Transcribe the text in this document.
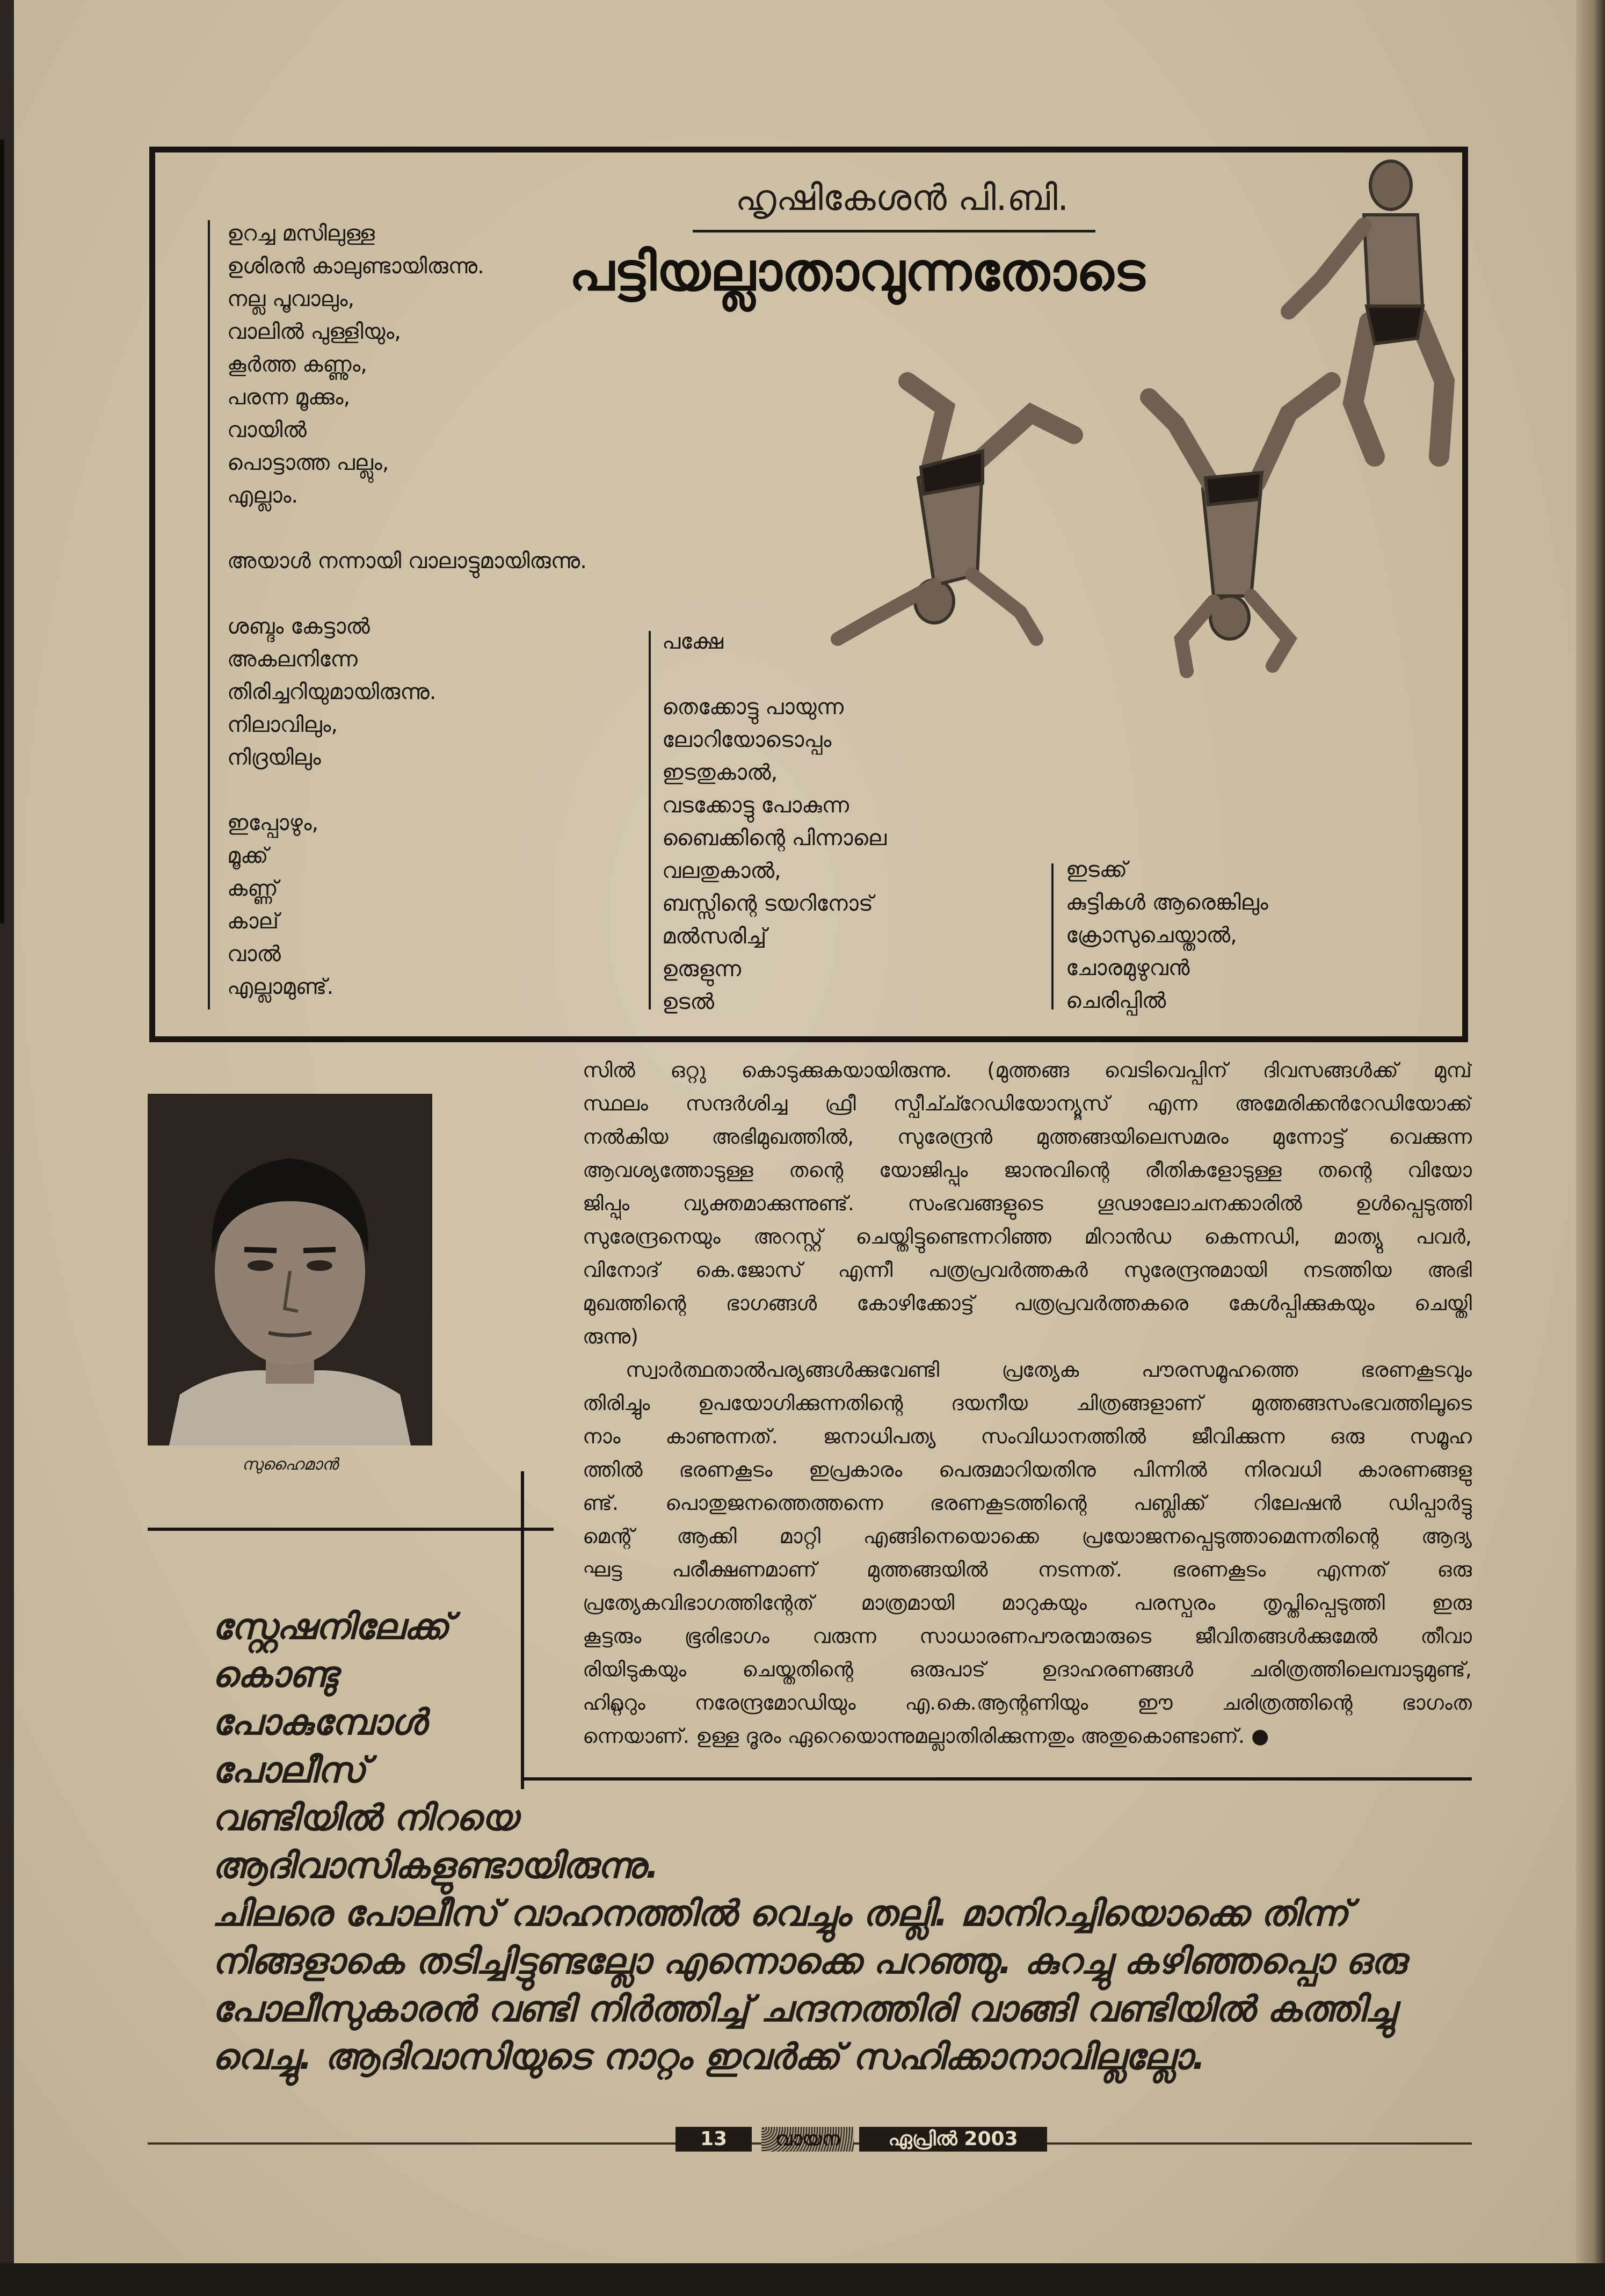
ഹൃഷികേശൻ പി.ബി.
പട്ടിയല്ലാതാവുന്നതോടെ
ഉറച്ച മസിലുള്ള
ഉശിരൻ കാലുണ്ടായിരുന്നു.
നല്ല പൂവാലും,
വാലിൽ പുള്ളിയും,
കൂർത്ത കണ്ണും,
പരന്ന മൂക്കും,
വായിൽ
പൊട്ടാത്ത പല്ലും,
എല്ലാം.
അയാൾ നന്നായി വാലാട്ടുമായിരുന്നു.
ശബ്ദം കേട്ടാൽ
അകലനിന്നേ
തിരിച്ചറിയുമായിരുന്നു.
നിലാവിലും,
നിദ്രയിലും
ഇപ്പോഴും,
മൂക്ക്
കണ്ണ്
കാല്
വാൽ
എല്ലാമുണ്ട്.
പക്ഷേ
തെക്കോട്ടു പായുന്ന
ലോറിയോടൊപ്പം
ഇടതുകാൽ,
വടക്കോട്ടു പോകുന്ന
ബൈക്കിന്റെ പിന്നാലെ
വലതുകാൽ,
ബസ്സിന്റെ ടയറിനോട്
മൽസരിച്ച്
ഉരുളുന്ന
ഉടൽ
ഇടക്ക്
കുട്ടികൾ ആരെങ്കിലും
ക്രോസുചെയ്താൽ,
ചോരമുഴുവൻ
ചെരിപ്പിൽ
സുഹൈമാൻ
സിൽ ഒറ്റു കൊടുക്കുകയായിരുന്നു. (മുത്തങ്ങ വെടിവെപ്പിന് ദിവസങ്ങൾക്ക് മുമ്പ്
സ്ഥലം സന്ദർശിച്ച ഫ്രീ സ്പീച്ച്റേഡിയോന്യൂസ് എന്ന അമേരിക്കൻറേഡിയോക്ക്
നൽകിയ അഭിമുഖത്തിൽ, സുരേന്ദ്രൻ മുത്തങ്ങയിലെസമരം മുന്നോട്ട് വെക്കുന്ന
ആവശ്യത്തോടുള്ള തന്റെ യോജിപ്പും ജാനുവിന്റെ രീതികളോടുള്ള തന്റെ വിയോ
ജിപ്പും വ്യക്തമാക്കുന്നുണ്ട്. സംഭവങ്ങളുടെ ഗൂഢാലോചനക്കാരിൽ ഉൾപ്പെടുത്തി
സുരേന്ദ്രനെയും അറസ്റ്റ് ചെയ്തിട്ടുണ്ടെന്നറിഞ്ഞ മിറാൻഡ കെന്നഡി, മാത്യു പവർ,
വിനോദ് കെ.ജോസ് എന്നീ പത്രപ്രവർത്തകർ സുരേന്ദ്രനുമായി നടത്തിയ അഭി
മുഖത്തിന്റെ ഭാഗങ്ങൾ കോഴിക്കോട്ട് പത്രപ്രവർത്തകരെ കേൾപ്പിക്കുകയും ചെയ്തി
രുന്നു)
സ്വാർത്ഥതാൽപര്യങ്ങൾക്കുവേണ്ടി പ്രത്യേക പൗരസമൂഹത്തെ ഭരണകൂടവും
തിരിച്ചും ഉപയോഗിക്കുന്നതിന്റെ ദയനീയ ചിത്രങ്ങളാണ് മുത്തങ്ങസംഭവത്തിലൂടെ
നാം കാണുന്നത്. ജനാധിപത്യ സംവിധാനത്തിൽ ജീവിക്കുന്ന ഒരു സമൂഹ
ത്തിൽ ഭരണകൂടം ഇപ്രകാരം പെരുമാറിയതിനു പിന്നിൽ നിരവധി കാരണങ്ങളു
ണ്ട്. പൊതുജനത്തെത്തന്നെ ഭരണകൂടത്തിന്റെ പബ്ലിക്ക് റിലേഷൻ ഡിപ്പാർട്ടു
മെന്റ് ആക്കി മാറ്റി എങ്ങിനെയൊക്കെ പ്രയോജനപ്പെടുത്താമെന്നതിന്റെ ആദ്യ
ഘട്ട പരീക്ഷണമാണ് മുത്തങ്ങയിൽ നടന്നത്. ഭരണകൂടം എന്നത് ഒരു
പ്രത്യേകവിഭാഗത്തിന്റേത് മാത്രമായി മാറുകയും പരസ്പരം തൃപ്തിപ്പെടുത്തി ഇരു
കൂട്ടരും ഭൂരിഭാഗം വരുന്ന സാധാരണപൗരന്മാരുടെ ജീവിതങ്ങൾക്കുമേൽ തീവാ
രിയിടുകയും ചെയ്തതിന്റെ ഒരുപാട് ഉദാഹരണങ്ങൾ ചരിത്രത്തിലെമ്പാടുമുണ്ട്,
ഹിറ്റ്ലറും നരേന്ദ്രമോഡിയും എ.കെ.ആന്റണിയും ഈ ചരിത്രത്തിന്റെ ഭാഗംത
ന്നെയാണ്. ഉള്ള ദൂരം ഏറെയൊന്നുമല്ലാതിരിക്കുന്നതും അതുകൊണ്ടാണ്. ●
സ്റ്റേഷനിലേക്ക്
കൊണ്ടു
പോകുമ്പോൾ
പോലീസ്
വണ്ടിയിൽ നിറയെ
ആദിവാസികളുണ്ടായിരുന്നു.
ചിലരെ പോലീസ് വാഹനത്തിൽ വെച്ചും തല്ലി. മാനിറച്ചിയൊക്കെ തിന്ന്
നിങ്ങളാകെ തടിച്ചിട്ടുണ്ടല്ലോ എന്നൊക്കെ പറഞ്ഞു. കുറച്ചു കഴിഞ്ഞപ്പൊ ഒരു
പോലീസുകാരൻ വണ്ടി നിർത്തിച്ച് ചന്ദനത്തിരി വാങ്ങി വണ്ടിയിൽ കത്തിച്ചു
വെച്ചു. ആദിവാസിയുടെ നാറ്റം ഇവർക്ക് സഹിക്കാനാവില്ലല്ലോ.
13	വായന	ഏപ്രിൽ 2003
